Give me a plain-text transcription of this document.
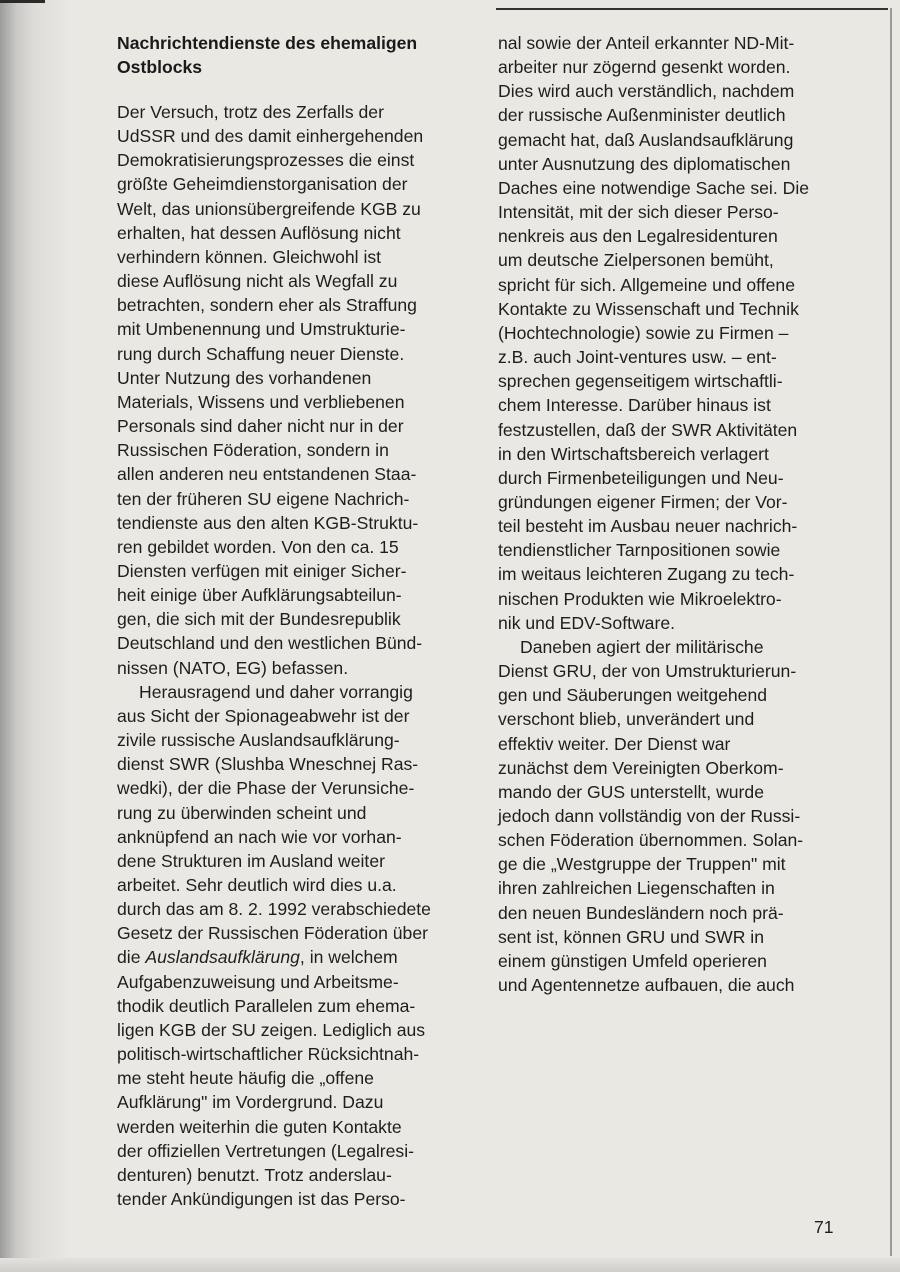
Nachrichtendienste des ehemaligen
Ostblocks
Der Versuch, trotz des Zerfalls der
UdSSR und des damit einhergehenden
Demokratisierungsprozesses die einst
größte Geheimdienstorganisation der
Welt, das unionsübergreifende KGB zu
erhalten, hat dessen Auflösung nicht
verhindern können. Gleichwohl ist
diese Auflösung nicht als Wegfall zu
betrachten, sondern eher als Straffung
mit Umbenennung und Umstrukturie-
rung durch Schaffung neuer Dienste.
Unter Nutzung des vorhandenen
Materials, Wissens und verbliebenen
Personals sind daher nicht nur in der
Russischen Föderation, sondern in
allen anderen neu entstandenen Staa-
ten der früheren SU eigene Nachrich-
tendienste aus den alten KGB-Struktu-
ren gebildet worden. Von den ca. 15
Diensten verfügen mit einiger Sicher-
heit einige über Aufklärungsabteilun-
gen, die sich mit der Bundesrepublik
Deutschland und den westlichen Bünd-
nissen (NATO, EG) befassen.
Herausragend und daher vorrangig
aus Sicht der Spionageabwehr ist der
zivile russische Auslandsaufklärung-
dienst SWR (Slushba Wneschnej Ras-
wedki), der die Phase der Verunsiche-
rung zu überwinden scheint und
anknüpfend an nach wie vor vorhan-
dene Strukturen im Ausland weiter
arbeitet. Sehr deutlich wird dies u.a.
durch das am 8. 2. 1992 verabschiedete
Gesetz der Russischen Föderation über
die Auslandsaufklärung, in welchem
Aufgabenzuweisung und Arbeitsme-
thodik deutlich Parallelen zum ehema-
ligen KGB der SU zeigen. Lediglich aus
politisch-wirtschaftlicher Rücksichtnah-
me steht heute häufig die „offene
Aufklärung" im Vordergrund. Dazu
werden weiterhin die guten Kontakte
der offiziellen Vertretungen (Legalresi-
denturen) benutzt. Trotz anderslau-
tender Ankündigungen ist das Perso-
nal sowie der Anteil erkannter ND-Mit-
arbeiter nur zögernd gesenkt worden.
Dies wird auch verständlich, nachdem
der russische Außenminister deutlich
gemacht hat, daß Auslandsaufklärung
unter Ausnutzung des diplomatischen
Daches eine notwendige Sache sei. Die
Intensität, mit der sich dieser Perso-
nenkreis aus den Legalresidenturen
um deutsche Zielpersonen bemüht,
spricht für sich. Allgemeine und offene
Kontakte zu Wissenschaft und Technik
(Hochtechnologie) sowie zu Firmen –
z.B. auch Joint-ventures usw. – ent-
sprechen gegenseitigem wirtschaftli-
chem Interesse. Darüber hinaus ist
festzustellen, daß der SWR Aktivitäten
in den Wirtschaftsbereich verlagert
durch Firmenbeteiligungen und Neu-
gründungen eigener Firmen; der Vor-
teil besteht im Ausbau neuer nachrich-
tendienstlicher Tarnpositionen sowie
im weitaus leichteren Zugang zu tech-
nischen Produkten wie Mikroelektro-
nik und EDV-Software.
Daneben agiert der militärische
Dienst GRU, der von Umstrukturierun-
gen und Säuberungen weitgehend
verschont blieb, unverändert und
effektiv weiter. Der Dienst war
zunächst dem Vereinigten Oberkom-
mando der GUS unterstellt, wurde
jedoch dann vollständig von der Russi-
schen Föderation übernommen. Solan-
ge die „Westgruppe der Truppen" mit
ihren zahlreichen Liegenschaften in
den neuen Bundesländern noch prä-
sent ist, können GRU und SWR in
einem günstigen Umfeld operieren
und Agentennetze aufbauen, die auch
71
